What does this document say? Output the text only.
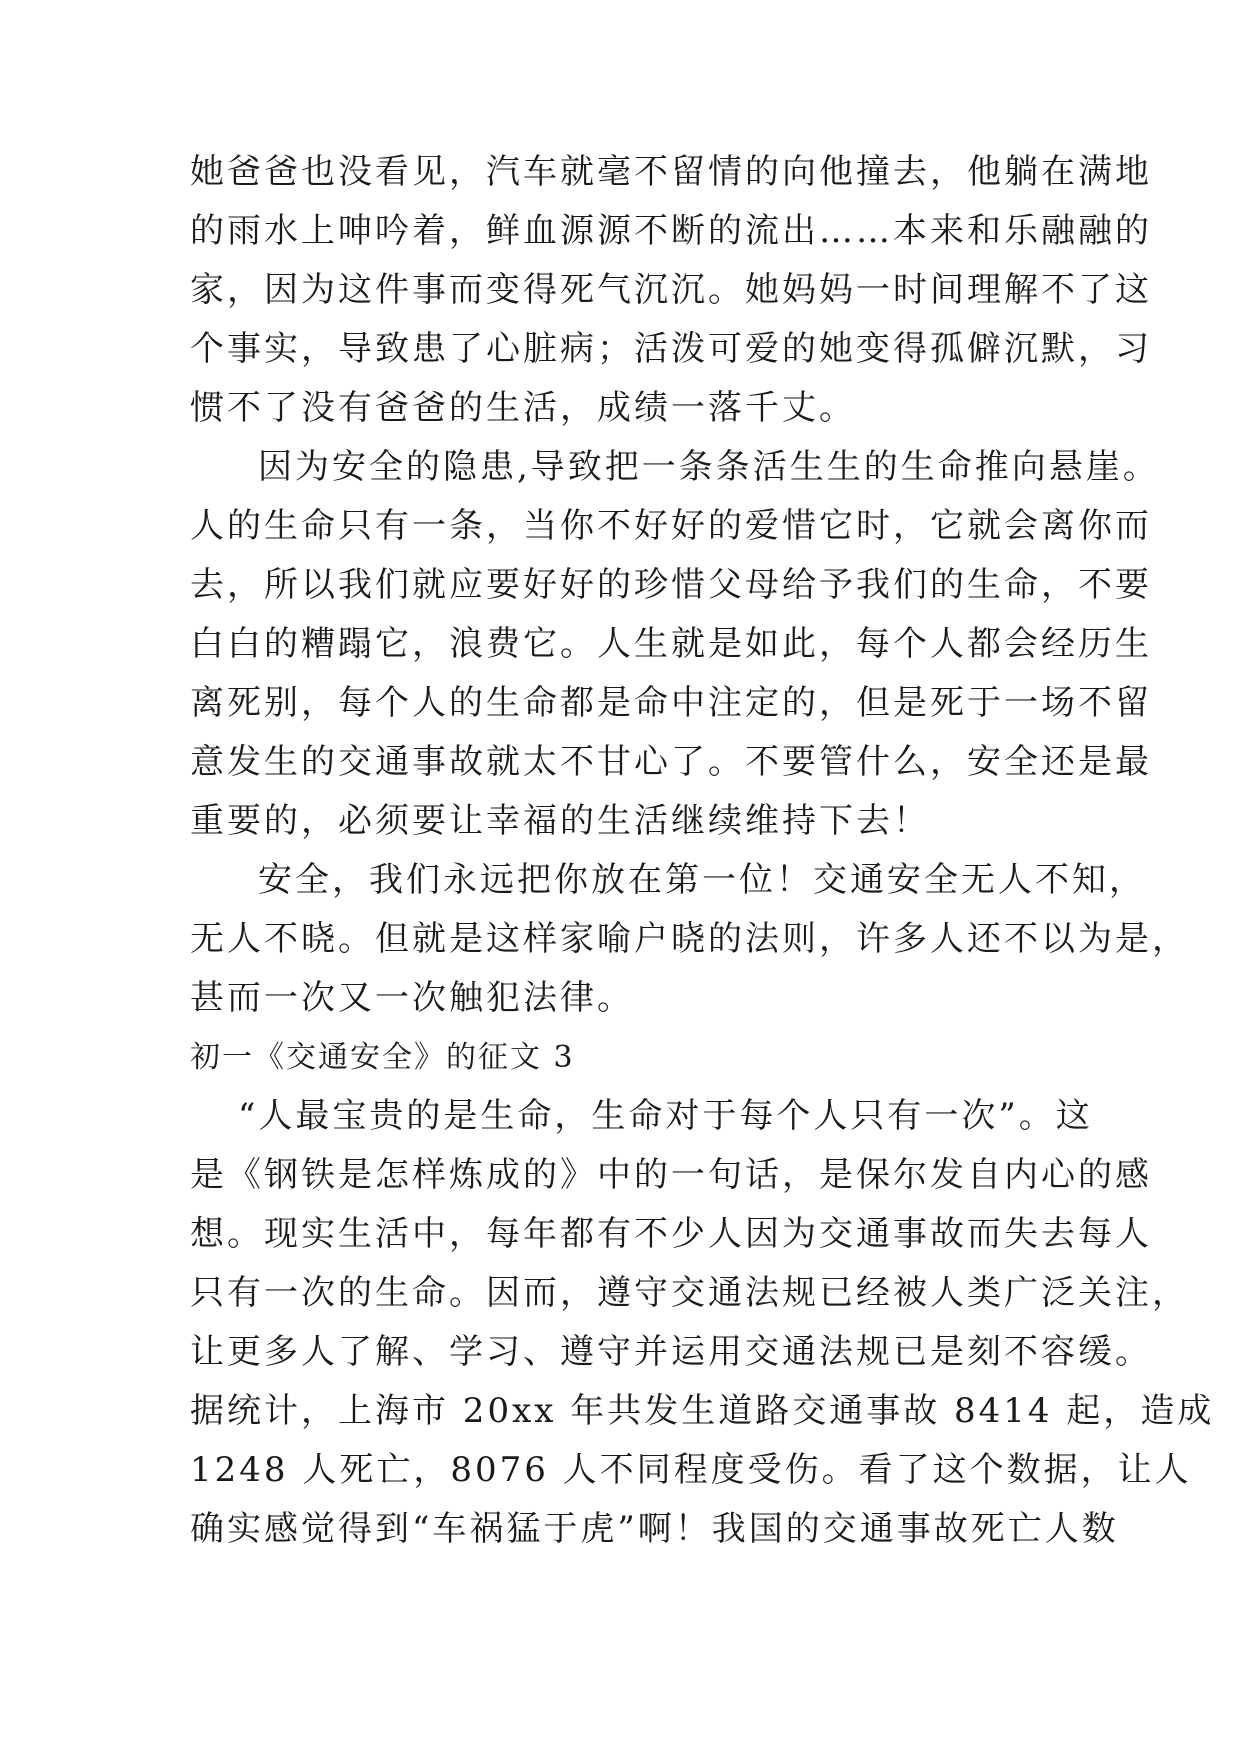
她爸爸也没看见，汽车就毫不留情的向他撞去，他躺在满地
的雨水上呻吟着，鲜血源源不断的流出……本来和乐融融的
家，因为这件事而变得死气沉沉。她妈妈一时间理解不了这
个事实，导致患了心脏病；活泼可爱的她变得孤僻沉默，习
惯不了没有爸爸的生活，成绩一落千丈。
因为安全的隐患,导致把一条条活生生的生命推向悬崖。
人的生命只有一条，当你不好好的爱惜它时，它就会离你而
去，所以我们就应要好好的珍惜父母给予我们的生命，不要
白白的糟蹋它，浪费它。人生就是如此，每个人都会经历生
离死别，每个人的生命都是命中注定的，但是死于一场不留
意发生的交通事故就太不甘心了。不要管什么，安全还是最
重要的，必须要让幸福的生活继续维持下去！
安全，我们永远把你放在第一位！交通安全无人不知，
无人不晓。但就是这样家喻户晓的法则，许多人还不以为是，
甚而一次又一次触犯法律。
初一《交通安全》的征文 3
“人最宝贵的是生命，生命对于每个人只有一次”。这
是《钢铁是怎样炼成的》中的一句话，是保尔发自内心的感
想。现实生活中，每年都有不少人因为交通事故而失去每人
只有一次的生命。因而，遵守交通法规已经被人类广泛关注，
让更多人了解、学习、遵守并运用交通法规已是刻不容缓。
据统计，上海市 20xx 年共发生道路交通事故 8414 起，造成
1248 人死亡，8076 人不同程度受伤。看了这个数据，让人
确实感觉得到“车祸猛于虎”啊！我国的交通事故死亡人数
